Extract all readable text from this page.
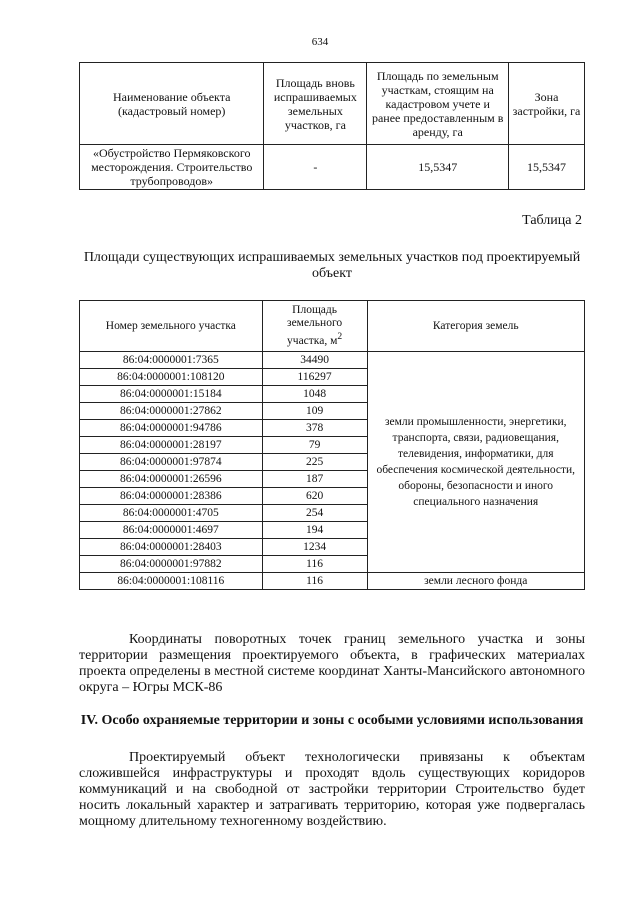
634
Наименование объекта (кадастровый номер)	Площадь вновь испрашиваемых земельных участков, га	Площадь по земельным участкам, стоящим на кадастровом учете и ранее предоставленным в аренду, га	Зона застройки, га
«Обустройство Пермяковского месторождения. Строительство трубопроводов»	-	15,5347	15,5347
Таблица 2
Площади существующих испрашиваемых земельных участков под проектируемый объект
Номер земельного участка	Площадь земельного участка, $м^2$	Категория земель
86:04:0000001:7365	34490	земли промышленности, энергетики, транспорта, связи, радиовещания, телевидения, информатики, для обеспечения космической деятельности, обороны, безопасности и иного специального назначения
86:04:0000001:108120	116297	
86:04:0000001:15184	1048	
86:04:0000001:27862	109	
86:04:0000001:94786	378	
86:04:0000001:28197	79	
86:04:0000001:97874	225	
86:04:0000001:26596	187	
86:04:0000001:28386	620	
86:04:0000001:4705	254	
86:04:0000001:4697	194	
86:04:0000001:28403	1234	
86:04:0000001:97882	116	
86:04:0000001:108116	116	земли лесного фонда

Координаты поворотных точек границ земельного участка и зоны территории размещения проектируемого объекта, в графических материалах проекта определены в местной системе координат Ханты-Мансийского автономного округа – Югры МСК-86

IV. Особо охраняемые территории и зоны с особыми условиями использования

Проектируемый объект технологически привязаны к объектам сложившейся инфраструктуры и проходят вдоль существующих коридоров коммуникаций и на свободной от застройки территории Строительство будет носить локальный характер и затрагивать территорию, которая уже подвергалась мощному длительному техногенному воздействию.
